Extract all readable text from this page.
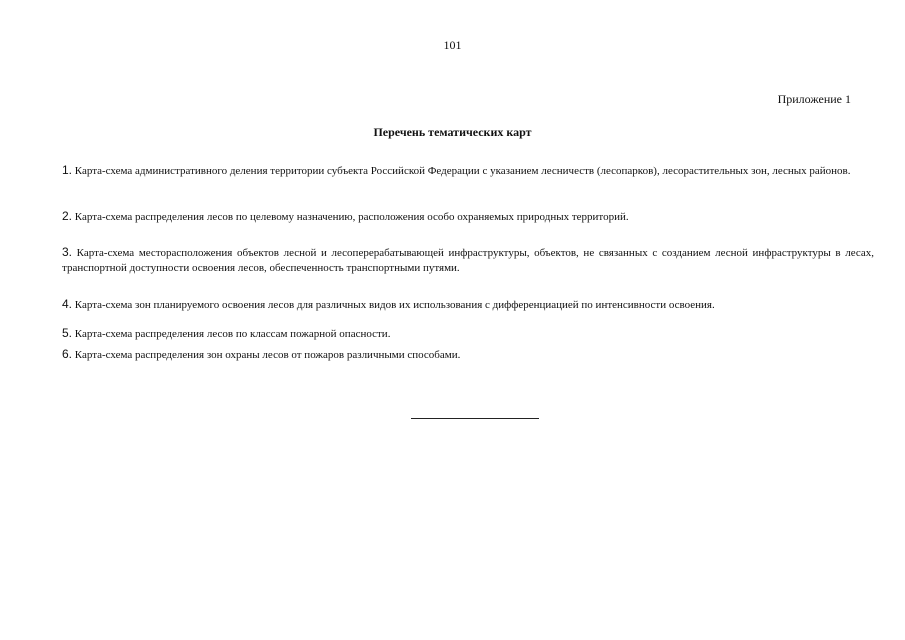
101
Приложение 1
Перечень тематических карт
1. Карта-схема административного деления территории субъекта Российской Федерации с указанием лесничеств (лесопарков), лесорастительных зон, лесных районов.
2. Карта-схема распределения лесов по целевому назначению, расположения особо охраняемых природных территорий.
3. Карта-схема месторасположения объектов лесной и лесоперерабатывающей инфраструктуры, объектов, не связанных с созданием лесной инфраструктуры в лесах, транспортной доступности освоения лесов, обеспеченность транспортными путями.
4. Карта-схема зон планируемого освоения лесов для различных видов их использования с дифференциацией по интенсивности освоения.
5. Карта-схема распределения лесов по классам пожарной опасности.
6. Карта-схема распределения зон охраны лесов от пожаров различными способами.
